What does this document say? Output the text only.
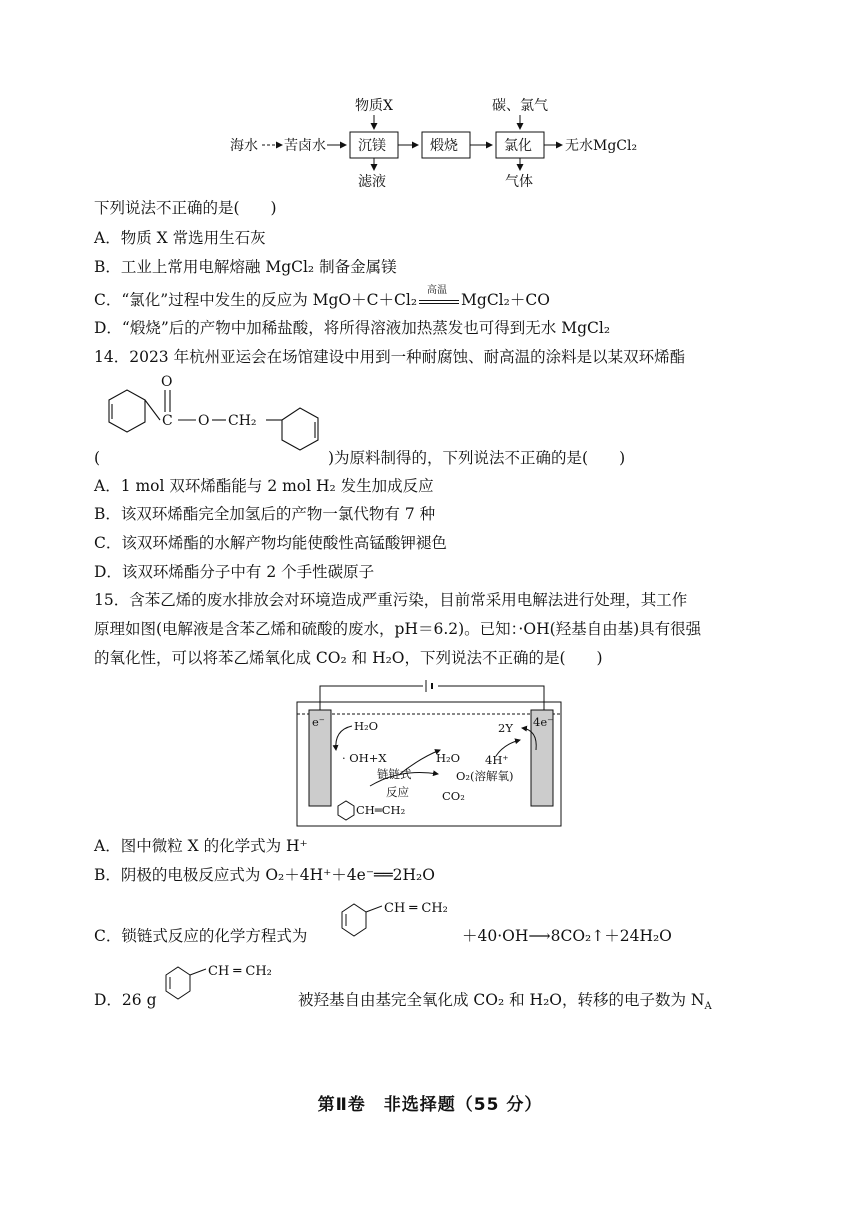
海水 苦卤水 沉镁
物质X
滤液
煅烧	氯化
碳、氯气
气体
无水MgCl₂
下列说法不正确的是(　　)
A．物质 X 常选用生石灰
B．工业上常用电解熔融 MgCl₂ 制备金属镁
C．“氯化”过程中发生的反应为 MgO＋C＋Cl₂
高温
MgCl₂＋CO
D．“煅烧”后的产物中加稀盐酸，将所得溶液加热蒸发也可得到无水 MgCl₂
14．2023 年杭州亚运会在场馆建设中用到一种耐腐蚀、耐高温的涂料是以某双环烯酯
O
C O CH₂
(	)为原料制得的，下列说法不正确的是(　　)
A．1 mol 双环烯酯能与 2 mol H₂ 发生加成反应
B．该双环烯酯完全加氢后的产物一氯代物有 7 种
C．该双环烯酯的水解产物均能使酸性高锰酸钾褪色
D．该双环烯酯分子中有 2 个手性碳原子
15．含苯乙烯的废水排放会对环境造成严重污染，目前常采用电解法进行处理，其工作
原理如图(电解液是含苯乙烯和硫酸的废水，pH＝6.2)。已知：·OH(羟基自由基)具有很强
的氧化性，可以将苯乙烯氧化成 CO₂ 和 H₂O，下列说法不正确的是(　　)
e⁻	H₂O
· OH+X
链链式
反应
H₂O
CO₂
CH═CH₂
2Y 4e⁻
4H⁺
O₂(溶解氧)
A．图中微粒 X 的化学式为 H⁺
B．阴极的电极反应式为 O₂＋4H⁺＋4e⁻══2H₂O
CH ═ CH₂
C．锁链式反应的化学方程式为	＋40·OH⟶8CO₂↑＋24H₂O
CH ═ CH₂
D．26 g	被羟基自由基完全氧化成 CO₂ 和 H₂O，转移的电子数为 $N_A$
第Ⅱ卷　非选择题（55 分）
